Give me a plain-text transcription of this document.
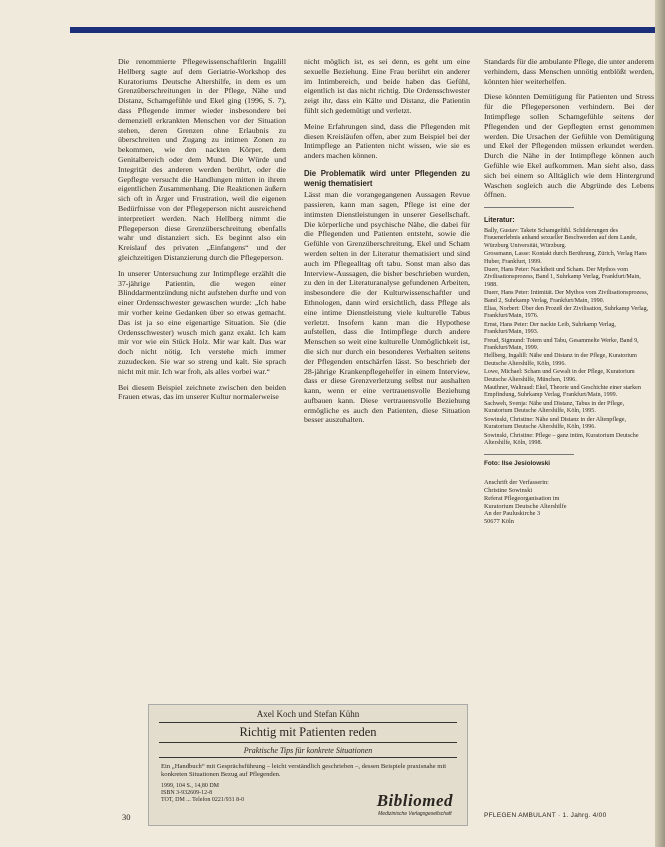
Die renommierte Pflegewissenschaftlerin Ingalill Hellberg sagte auf dem Geriatrie-Workshop des Kuratoriums Deutsche Altershilfe, in dem es um Grenzüberschreitungen in der Pflege, Nähe und Distanz, Schamgefühle und Ekel ging (1996, S. 7), dass Pflegende immer wieder insbesondere bei demenziell erkrankten Menschen vor der Situation stehen, deren Grenzen ohne Erlaubnis zu überschreiten und Zugang zu intimen Zonen zu bekommen, wie den nackten Körper, dem Genitalbereich oder dem Mund. Die Würde und Integrität des anderen werden berührt, oder die Gepflegte versucht die Handlungen mitten in ihrem eigentlichen Zusammenhang. Die Reaktionen äußern sich oft in Ärger und Frustration, weil die eigenen Bedürfnisse von der Pflegeperson nicht ausreichend interpretiert werden. Nach Hellberg nimmt die Pflegeperson diese Grenzüberschreitung ebenfalls wahr und distanziert sich. Es beginnt also ein Kreislauf des privaten „Einfangens“ und der gleichzeitigen Distanzierung durch die Pflegeperson.

In unserer Untersuchung zur Intimpflege erzählt die 37-jährige Patientin, die wegen einer Blinddarmentzündung nicht aufstehen durfte und von einer Ordensschwester gewaschen wurde: „Ich habe mir vorher keine Gedanken über so etwas gemacht. Das ist ja so eine eigenartige Situation. Sie (die Ordensschwester) wusch mich ganz exakt. Ich kam mir vor wie ein Stück Holz. Mir war kalt. Das war doch nicht nötig. Ich verstehe mich immer zuzudecken. Sie war so streng und kalt. Sie sprach nicht mit mir. Ich war froh, als alles vorbei war.“

Bei diesem Beispiel zeichnete zwischen den beiden Frauen etwas, das im unserer Kultur normalerweise

nicht möglich ist, es sei denn, es geht um eine sexuelle Beziehung. Eine Frau berührt ein anderer im Intimbereich, und beide haben das Gefühl, eigentlich ist das nicht richtig. Die Ordensschwester zeigt ihr, dass ein Kälte und Distanz, die Patientin fühlt sich gedemütigt und verletzt.

Meine Erfahrungen sind, dass die Pflegenden mit diesen Kreisläufen offen, aber zum Beispiel bei der Intimpflege an Patienten nicht wissen, wie sie es anders machen können.

Die Problematik wird unter Pflegenden zu wenig thematisiert

Lässt man die vorangegangenen Aussagen Revue passieren, kann man sagen, Pflege ist eine der intimsten Dienstleistungen in unserer Gesellschaft. Die körperliche und psychische Nähe, die dabei für die Pflegenden und Patienten entsteht, sowie die Gefühle von Grenzüberschreitung, Ekel und Scham werden selten in der Literatur thematisiert und sind auch im Pflegealltag oft tabu. Sonst man also das Interview-Aussagen, die bisher beschrieben wurden, zu den in der Literaturanalyse gefundenen Arbeiten, insbesondere die der Kulturwissenschaftler und Ethnologen, dann wird ersichtlich, dass Pflege als eine intime Dienstleistung viele kulturelle Tabus verletzt. Insofern kann man die Hypothese aufstellen, dass die Intimpflege durch andere Menschen so weit eine kulturelle Unmöglichkeit ist, die sich nur durch ein besonderes Verhalten seitens der Pflegenden entschärfen lässt. So beschrieb der 28-jährige Krankenpflegehelfer in einem Interview, dass er diese Grenzverletzung selbst nur aushalten kann, wenn er eine vertrauensvolle Beziehung aufbauen kann. Diese vertrauensvolle Beziehung ermögliche es auch den Patienten, diese Situation besser auszuhalten.

Standards für die ambulante Pflege, die unter anderem verhindern, dass Menschen unnötig entblößt werden, könnten hier weiterhelfen.

Diese könnten Demütigung für Patienten und Stress für die Pflegepersonen verhindern. Bei der Intimpflege sollen Schamgefühle seitens der Pflegenden und der Gepflegten ernst genommen werden. Die Ursachen der Gefühle von Demütigung und Ekel der Pflegenden müssen erkundet werden. Durch die Nähe in der Intimpflege können auch Gefühle wie Ekel aufkommen. Man sieht also, dass sich bei einem so Alltäglich wie dem Hintergrund Waschen sogleich auch die Abgründe des Lebens öffnen.

Literatur:

Bally, Gustav: Takete Schamgefühl. Schilderungen des Frauenerlebnis anhand sexueller Beschwerden auf dem Lande, Würzburg Universität, Würzburg.

Grossmann, Lasse: Kontakt durch Berührung, Zürich, Verlag Hans Huber, Frankfurt, 1999.

Duerr, Hans Peter: Nacktheit und Scham. Der Mythos vom Zivilisationsprozess, Band 1, Suhrkamp Verlag, Frankfurt/Main, 1988.

Duerr, Hans Peter: Intimität. Der Mythos vom Zivilisationsprozess, Band 2, Suhrkamp Verlag, Frankfurt/Main, 1990.

Elias, Norbert: Über den Prozeß der Zivilisation, Suhrkamp Verlag, Frankfurt/Main, 1976.

Ernst, Hans Peter: Der nackte Leib, Suhrkamp Verlag, Frankfurt/Main, 1993.

Freud, Sigmund: Totem und Tabu, Gesammelte Werke, Band 9, Frankfurt/Main, 1999.

Hellberg, Ingalill: Nähe und Distanz in der Pflege, Kuratorium Deutsche Altershilfe, Köln, 1996.

Lowe, Michael: Scham und Gewalt in der Pflege, Kuratorium Deutsche Altershilfe, München, 1996.

Mauthner, Waltraud: Ekel, Theorie und Geschichte einer starken Empfindung, Suhrkamp Verlag, Frankfurt/Main, 1999.

Sachweh, Svenja: Nähe und Distanz, Tabus in der Pflege, Kuratorium Deutsche Altershilfe, Köln, 1995.

Sowinski, Christine: Nähe und Distanz in der Altenpflege, Kuratorium Deutsche Altershilfe, Köln, 1996.

Sowinski, Christine: Pflege – ganz intim, Kuratorium Deutsche Altershilfe, Köln, 1998.

Foto: Ilse Jesiolowski
Anschrift der Verfasserin:
Christine Sowinski
Referat Pflegeorganisation im
Kuratorium Deutsche Altershilfe
An der Pauluskirche 3
50677 Köln
Axel Koch und Stefan Kühn
Richtig mit Patienten reden
Praktische Tips für konkrete Situationen
Ein „Handbuch“ mit Gesprächsführung – leicht verständlich geschrieben –, dessen Beispiele praxisnahe mit konkreten Situationen Bezug auf Pflegenden.
1999, 104 S., 14,80 DM
ISBN 3-932609-12-8
TOT, DM ... Telefon 0221/931 8-0	Bibliomed
Medizinische Verlagsgesellschaft
30	PFLEGEN AMBULANT · 1. Jahrg. 4/00
